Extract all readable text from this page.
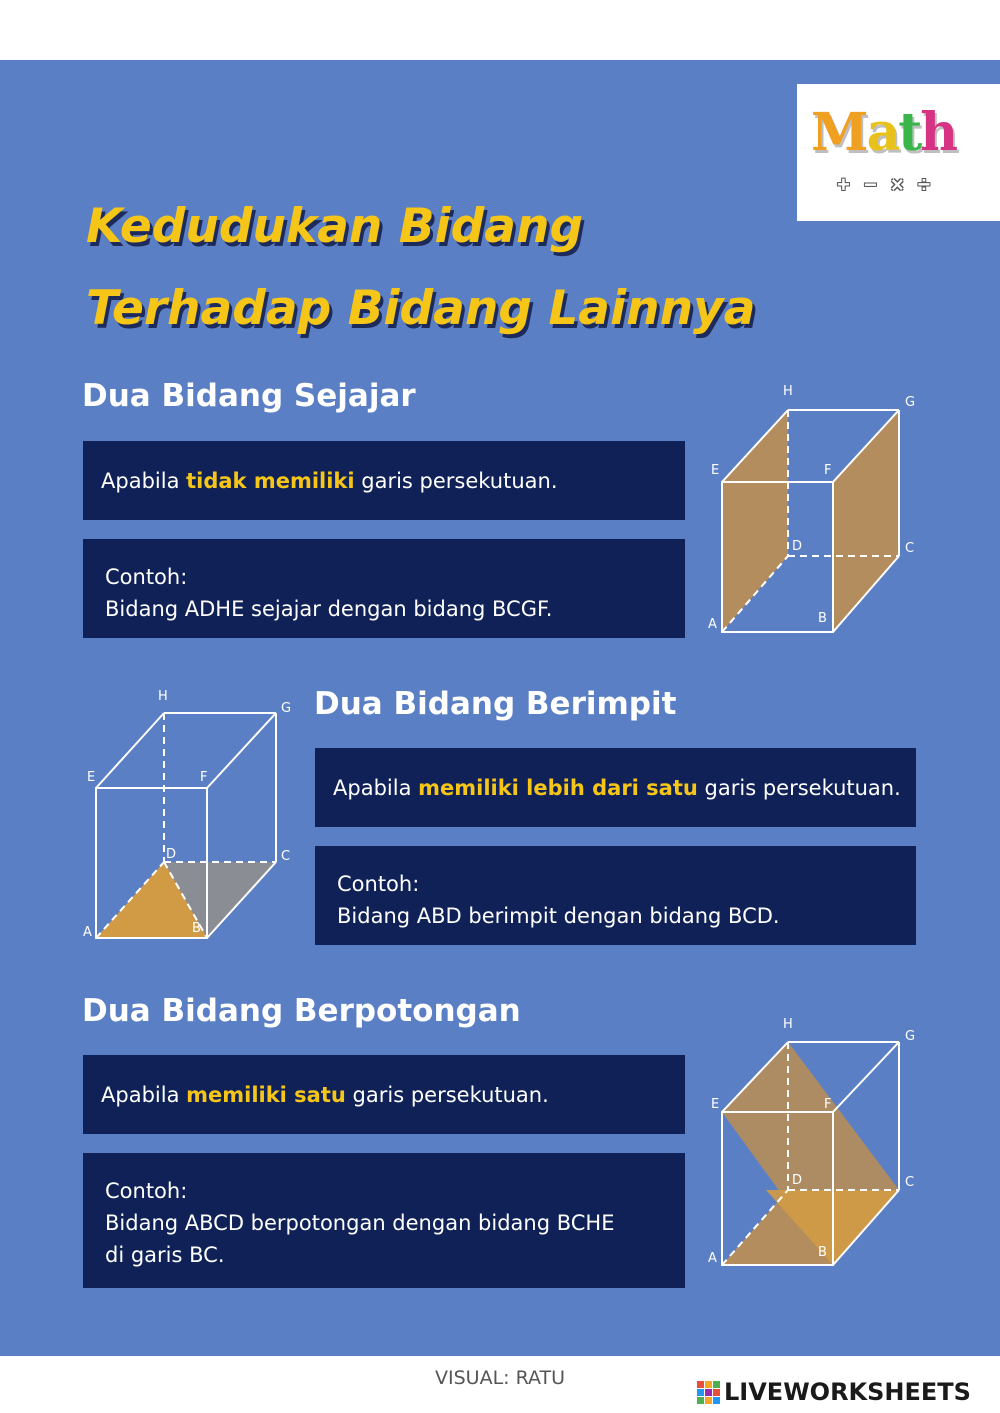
Math
+ − × ÷
Kedudukan Bidang
Terhadap Bidang Lainnya
Dua Bidang Sejajar
Apabila tidak memiliki garis persekutuan.
Contoh:
Bidang ADHE sejajar dengan bidang BCGF.
A	B
C
D
E	F
G
H
A	B
C
D
E	F
G
H	Dua Bidang Berimpit
Apabila memiliki lebih dari satu garis persekutuan.
Contoh:
Bidang ABD berimpit dengan bidang BCD.
Dua Bidang Berpotongan
Apabila memiliki satu garis persekutuan.
Contoh:
Bidang ABCD berpotongan dengan bidang BCHE
di garis BC.	A	B
C
D
E	F
G
H
VISUAL: RATU	LIVEWORKSHEETS
